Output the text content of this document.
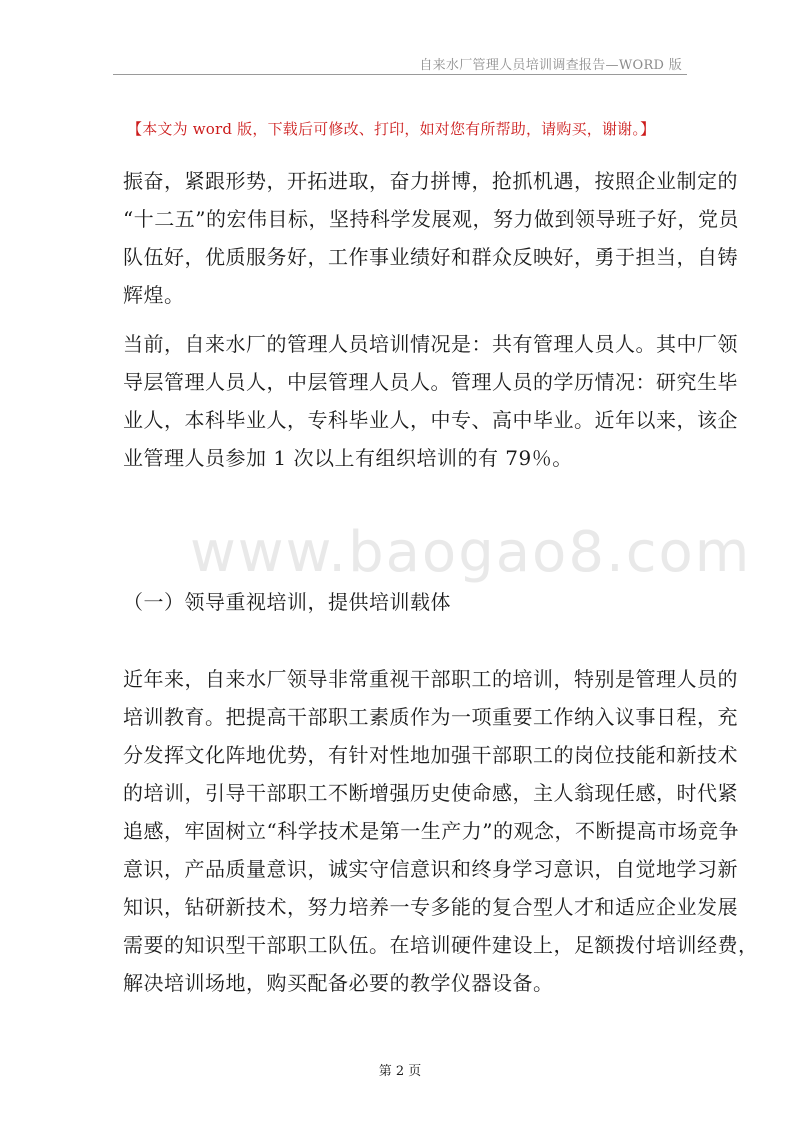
自来水厂管理人员培训调查报告—WORD 版
【本文为 word 版，下载后可修改、打印，如对您有所帮助，请购买，谢谢。】
www.baogao8.com
振奋，紧跟形势，开拓进取，奋力拼博，抢抓机遇，按照企业制定的
“十二五”的宏伟目标，坚持科学发展观，努力做到领导班子好，党员
队伍好，优质服务好，工作事业绩好和群众反映好，勇于担当，自铸
辉煌。
当前，自来水厂的管理人员培训情况是：共有管理人员人。其中厂领
导层管理人员人，中层管理人员人。管理人员的学历情况：研究生毕
业人，本科毕业人，专科毕业人，中专、高中毕业。近年以来，该企
业管理人员参加 1 次以上有组织培训的有 79％。
（一）领导重视培训，提供培训载体
近年来，自来水厂领导非常重视干部职工的培训，特别是管理人员的
培训教育。把提高干部职工素质作为一项重要工作纳入议事日程，充
分发挥文化阵地优势，有针对性地加强干部职工的岗位技能和新技术
的培训，引导干部职工不断增强历史使命感，主人翁现任感，时代紧
追感，牢固树立“科学技术是第一生产力”的观念，不断提高市场竞争
意识，产品质量意识，诚实守信意识和终身学习意识，自觉地学习新
知识，钻研新技术，努力培养一专多能的复合型人才和适应企业发展
需要的知识型干部职工队伍。在培训硬件建设上，足额拨付培训经费，
解决培训场地，购买配备必要的教学仪器设备。
第 2 页
